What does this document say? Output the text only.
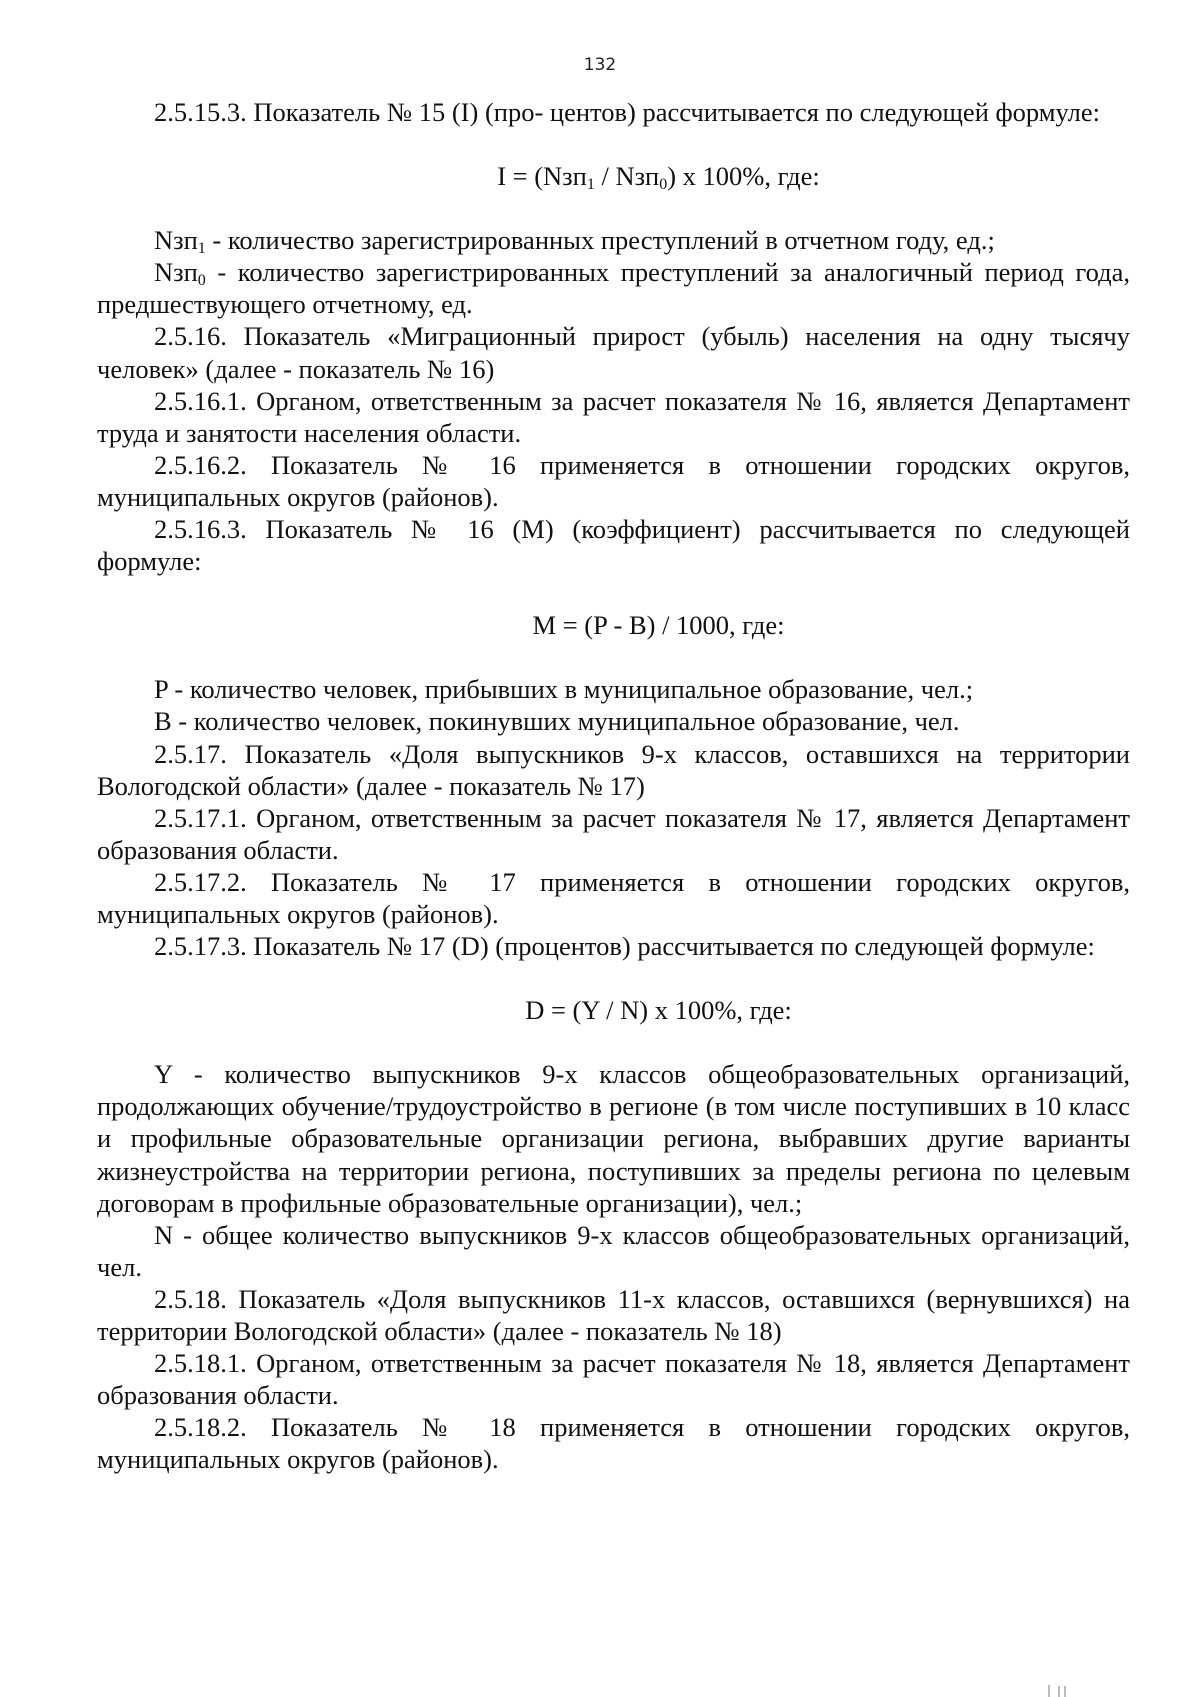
132

2.5.15.3. Показатель № 15 (I) (про- центов) рассчитывается по следующей формуле:

I = (Nзп$_1$ / Nзп$_0$) x 100%, где:

Nзп$_1$ - количество зарегистрированных преступлений в отчетном году, ед.;

Nзп$_0$ - количество зарегистрированных преступлений за аналогичный период года, предшествующего отчетному, ед.

2.5.16. Показатель «Миграционный прирост (убыль) населения на одну тысячу человек» (далее - показатель № 16)

2.5.16.1. Органом, ответственным за расчет показателя № 16, является Департамент труда и занятости населения области.

2.5.16.2. Показатель № 16 применяется в отношении городских округов, муниципальных округов (районов).

2.5.16.3. Показатель № 16 (M) (коэффициент) рассчитывается по следующей формуле:

M = (P - B) / 1000, где:

P - количество человек, прибывших в муниципальное образование, чел.;

B - количество человек, покинувших муниципальное образование, чел.

2.5.17. Показатель «Доля выпускников 9-х классов, оставшихся на территории Вологодской области» (далее - показатель № 17)

2.5.17.1. Органом, ответственным за расчет показателя № 17, является Департамент образования области.

2.5.17.2. Показатель № 17 применяется в отношении городских округов, муниципальных округов (районов).

2.5.17.3. Показатель № 17 (D) (процентов) рассчитывается по следующей формуле:

D = (Y / N) x 100%, где:

Y - количество выпускников 9-х классов общеобразовательных организаций, продолжающих обучение/трудоустройство в регионе (в том числе поступивших в 10 класс и профильные образовательные организации региона, выбравших другие варианты жизнеустройства на территории региона, поступивших за пределы региона по целевым договорам в профильные образовательные организации), чел.;

N - общее количество выпускников 9-х классов общеобразовательных организаций, чел.

2.5.18. Показатель «Доля выпускников 11-х классов, оставшихся (вернувшихся) на территории Вологодской области» (далее - показатель № 18)

2.5.18.1. Органом, ответственным за расчет показателя № 18, является Департамент образования области.

2.5.18.2. Показатель № 18 применяется в отношении городских округов, муниципальных округов (районов).
